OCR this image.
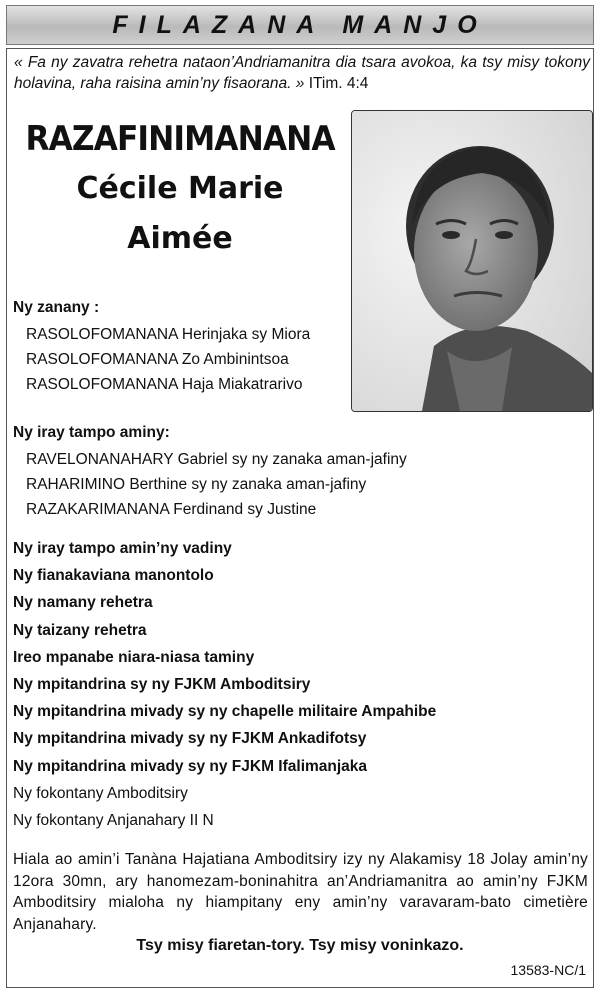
FILAZANA MANJO
« Fa ny zavatra rehetra nataon’Andriamanitra dia tsara avokoa, ka tsy misy tokony holavina, raha raisina amin’ny fisaorana. » ITim. 4:4
RAZAFINIMANANA
Cécile Marie
Aimée
Ny zanany :
RASOLOFOMANANA Herinjaka sy Miora
RASOLOFOMANANA Zo Ambinintsoa
RASOLOFOMANANA Haja Miakatrarivo
Ny iray tampo aminy:
RAVELONANAHARY Gabriel sy ny zanaka aman-jafiny
RAHARIMINO Berthine sy ny zanaka aman-jafiny
RAZAKARIMANANA Ferdinand sy Justine
Ny iray tampo amin’ny vadiny
Ny fianakaviana manontolo
Ny namany rehetra
Ny taizany rehetra
Ireo mpanabe niara-niasa taminy
Ny mpitandrina sy ny FJKM Amboditsiry
Ny mpitandrina mivady sy ny chapelle militaire Ampahibe
Ny mpitandrina mivady sy ny FJKM Ankadifotsy
Ny mpitandrina mivady sy ny FJKM Ifalimanjaka
Ny fokontany Amboditsiry
Ny fokontany Anjanahary II N
Hiala ao amin’i Tanàna Hajatiana Amboditsiry izy ny Alakamisy 18 Jolay amin’ny 12ora 30mn, ary hanomezam-boninahitra an’Andriamanitra ao amin’ny FJKM Amboditsiry mialoha ny hiampitany eny amin’ny varavaram-bato cimetière Anjanahary.
Tsy misy fiaretan-tory. Tsy misy voninkazo.
13583-NC/1
